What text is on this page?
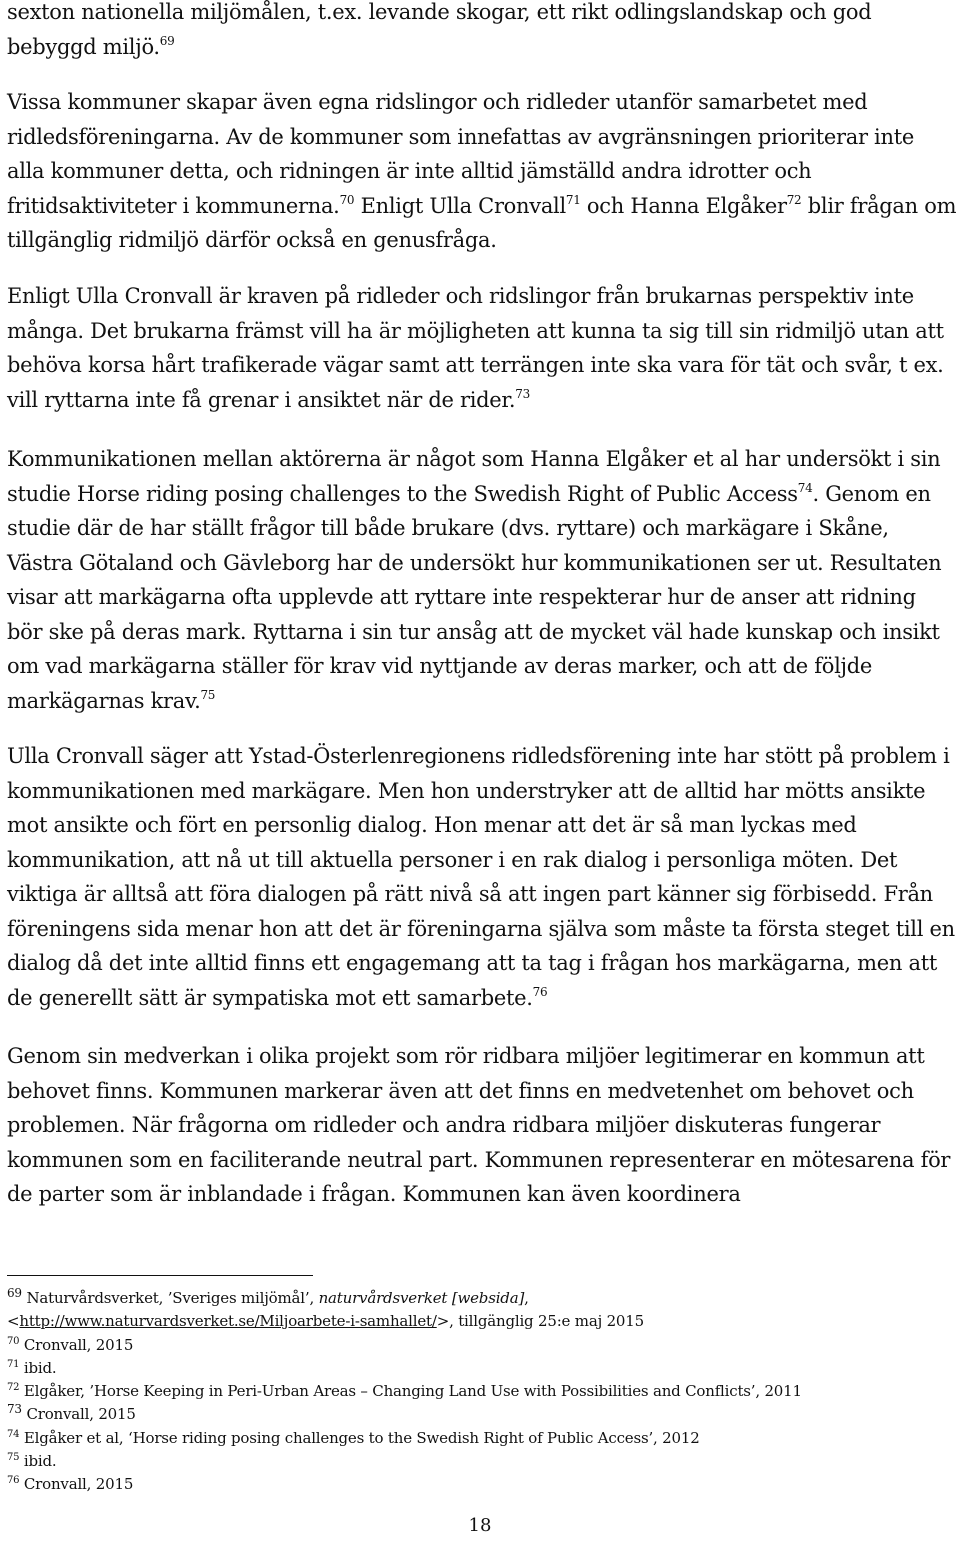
sexton nationella miljömålen, t.ex. levande skogar, ett rikt odlingslandskap och god bebyggd miljö.$^{69}$

Vissa kommuner skapar även egna ridslingor och ridleder utanför samarbetet med ridledsföreningarna. Av de kommuner som innefattas av avgränsningen prioriterar inte alla kommuner detta, och ridningen är inte alltid jämställd andra idrotter och fritidsaktiviteter i kommunerna.$^{70}$ Enligt Ulla Cronvall$^{71}$ och Hanna Elgåker$^{72}$ blir frågan om tillgänglig ridmiljö därför också en genusfråga.

Enligt Ulla Cronvall är kraven på ridleder och ridslingor från brukarnas perspektiv inte många. Det brukarna främst vill ha är möjligheten att kunna ta sig till sin ridmiljö utan att behöva korsa hårt trafikerade vägar samt att terrängen inte ska vara för tät och svår, t ex. vill ryttarna inte få grenar i ansiktet när de rider.$^{73}$

Kommunikationen mellan aktörerna är något som Hanna Elgåker et al har undersökt i sin studie Horse riding posing challenges to the Swedish Right of Public Access$^{74}$. Genom en studie där de har ställt frågor till både brukare (dvs. ryttare) och markägare i Skåne, Västra Götaland och Gävleborg har de undersökt hur kommunikationen ser ut. Resultaten visar att markägarna ofta upplevde att ryttare inte respekterar hur de anser att ridning bör ske på deras mark. Ryttarna i sin tur ansåg att de mycket väl hade kunskap och insikt om vad markägarna ställer för krav vid nyttjande av deras marker, och att de följde markägarnas krav.$^{75}$

Ulla Cronvall säger att Ystad-Österlenregionens ridledsförening inte har stött på problem i kommunikationen med markägare. Men hon understryker att de alltid har mötts ansikte mot ansikte och fört en personlig dialog. Hon menar att det är så man lyckas med kommunikation, att nå ut till aktuella personer i en rak dialog i personliga möten. Det viktiga är alltså att föra dialogen på rätt nivå så att ingen part känner sig förbisedd. Från föreningens sida menar hon att det är föreningarna själva som måste ta första steget till en dialog då det inte alltid finns ett engagemang att ta tag i frågan hos markägarna, men att de generellt sätt är sympatiska mot ett samarbete.$^{76}$

Genom sin medverkan i olika projekt som rör ridbara miljöer legitimerar en kommun att behovet finns. Kommunen markerar även att det finns en medvetenhet om behovet och problemen. När frågorna om ridleder och andra ridbara miljöer diskuteras fungerar kommunen som en faciliterande neutral part. Kommunen representerar en mötesarena för de parter som är inblandade i frågan. Kommunen kan även koordinera

$^{69}$ Naturvårdsverket, ’Sveriges miljömål’, naturvårdsverket [websida],

<http://www.naturvardsverket.se/Miljoarbete-i-samhallet/>, tillgänglig 25:e maj 2015

$^{70}$ Cronvall, 2015

$^{71}$ ibid.

$^{72}$ Elgåker, ’Horse Keeping in Peri-Urban Areas – Changing Land Use with Possibilities and Conflicts’, 2011

$^{73}$ Cronvall, 2015

$^{74}$ Elgåker et al, ‘Horse riding posing challenges to the Swedish Right of Public Access’, 2012

$^{75}$ ibid.

$^{76}$ Cronvall, 2015

18
